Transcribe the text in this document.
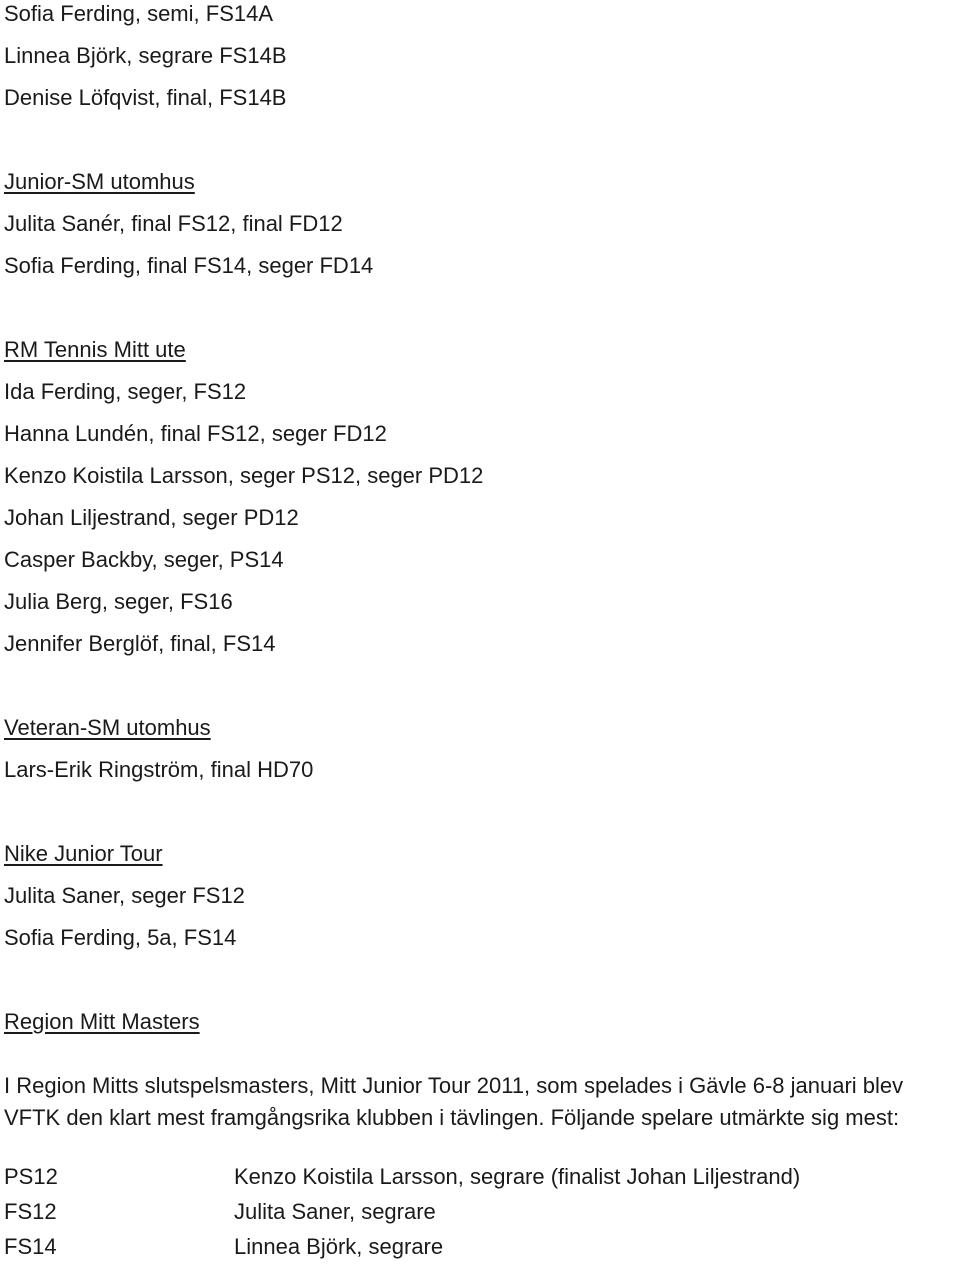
Sofia Ferding, semi, FS14A
Linnea Björk, segrare FS14B
Denise Löfqvist, final, FS14B
Junior-SM utomhus
Julita Sanér, final FS12, final FD12
Sofia Ferding, final FS14, seger FD14
RM Tennis Mitt ute
Ida Ferding, seger, FS12
Hanna Lundén, final FS12, seger FD12
Kenzo Koistila Larsson, seger PS12, seger PD12
Johan Liljestrand, seger PD12
Casper Backby, seger, PS14
Julia Berg, seger, FS16
Jennifer Berglöf, final, FS14
Veteran-SM utomhus
Lars-Erik Ringström, final HD70
Nike Junior Tour
Julita Saner, seger FS12
Sofia Ferding, 5a, FS14
Region Mitt Masters
I Region Mitts slutspelsmasters, Mitt Junior Tour 2011, som spelades i Gävle 6-8 januari blev
VFTK den klart mest framgångsrika klubben i tävlingen. Följande spelare utmärkte sig mest:
PS12	Kenzo Koistila Larsson, segrare (finalist Johan Liljestrand)
FS12	Julita Saner, segrare
FS14	Linnea Björk, segrare
